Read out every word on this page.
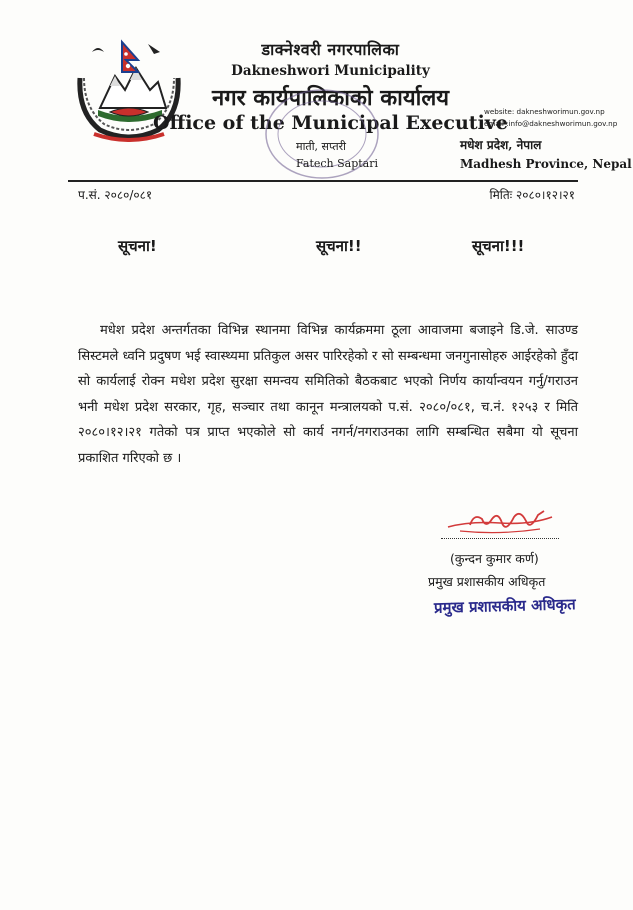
डाक्नेश्वरी नगरपालिका
Dakneshwori Municipality
नगर कार्यपालिकाको कार्यालय
Office of the Municipal Executive
माती, सप्तरी
Fatech Saptari
website: dakneshworimun.gov.np
email :info@dakneshworimun.gov.np
मधेश प्रदेश, नेपाल
Madhesh Province, Nepal
प.सं. २०८०/०८१	मितिः २०८०।१२।२१
सूचना!	सूचना!!	सूचना!!!
मधेश प्रदेश अन्तर्गतका विभिन्न स्थानमा विभिन्न कार्यक्रममा ठूला आवाजमा बजाइने डि.जे. साउण्ड सिस्टमले ध्वनि प्रदुषण भई स्वास्थ्यमा प्रतिकुल असर पारिरहेको र सो सम्बन्धमा जनगुनासोहरु आईरहेको हुँदा सो कार्यलाई रोक्न मधेश प्रदेश सुरक्षा समन्वय समितिको बैठकबाट भएको निर्णय कार्यान्वयन गर्नु/गराउन भनी मधेश प्रदेश सरकार, गृह, सञ्चार तथा कानून मन्त्रालयको प.सं. २०८०/०८१, च.नं. १२५३ र मिति २०८०।१२।२१ गतेको पत्र प्राप्त भएकोले सो कार्य नगर्न/नगराउनका लागि सम्बन्धित सबैमा यो सूचना प्रकाशित गरिएको छ ।
(कुन्दन कुमार कर्ण)
प्रमुख प्रशासकीय अधिकृत
प्रमुख प्रशासकीय अधिकृत
